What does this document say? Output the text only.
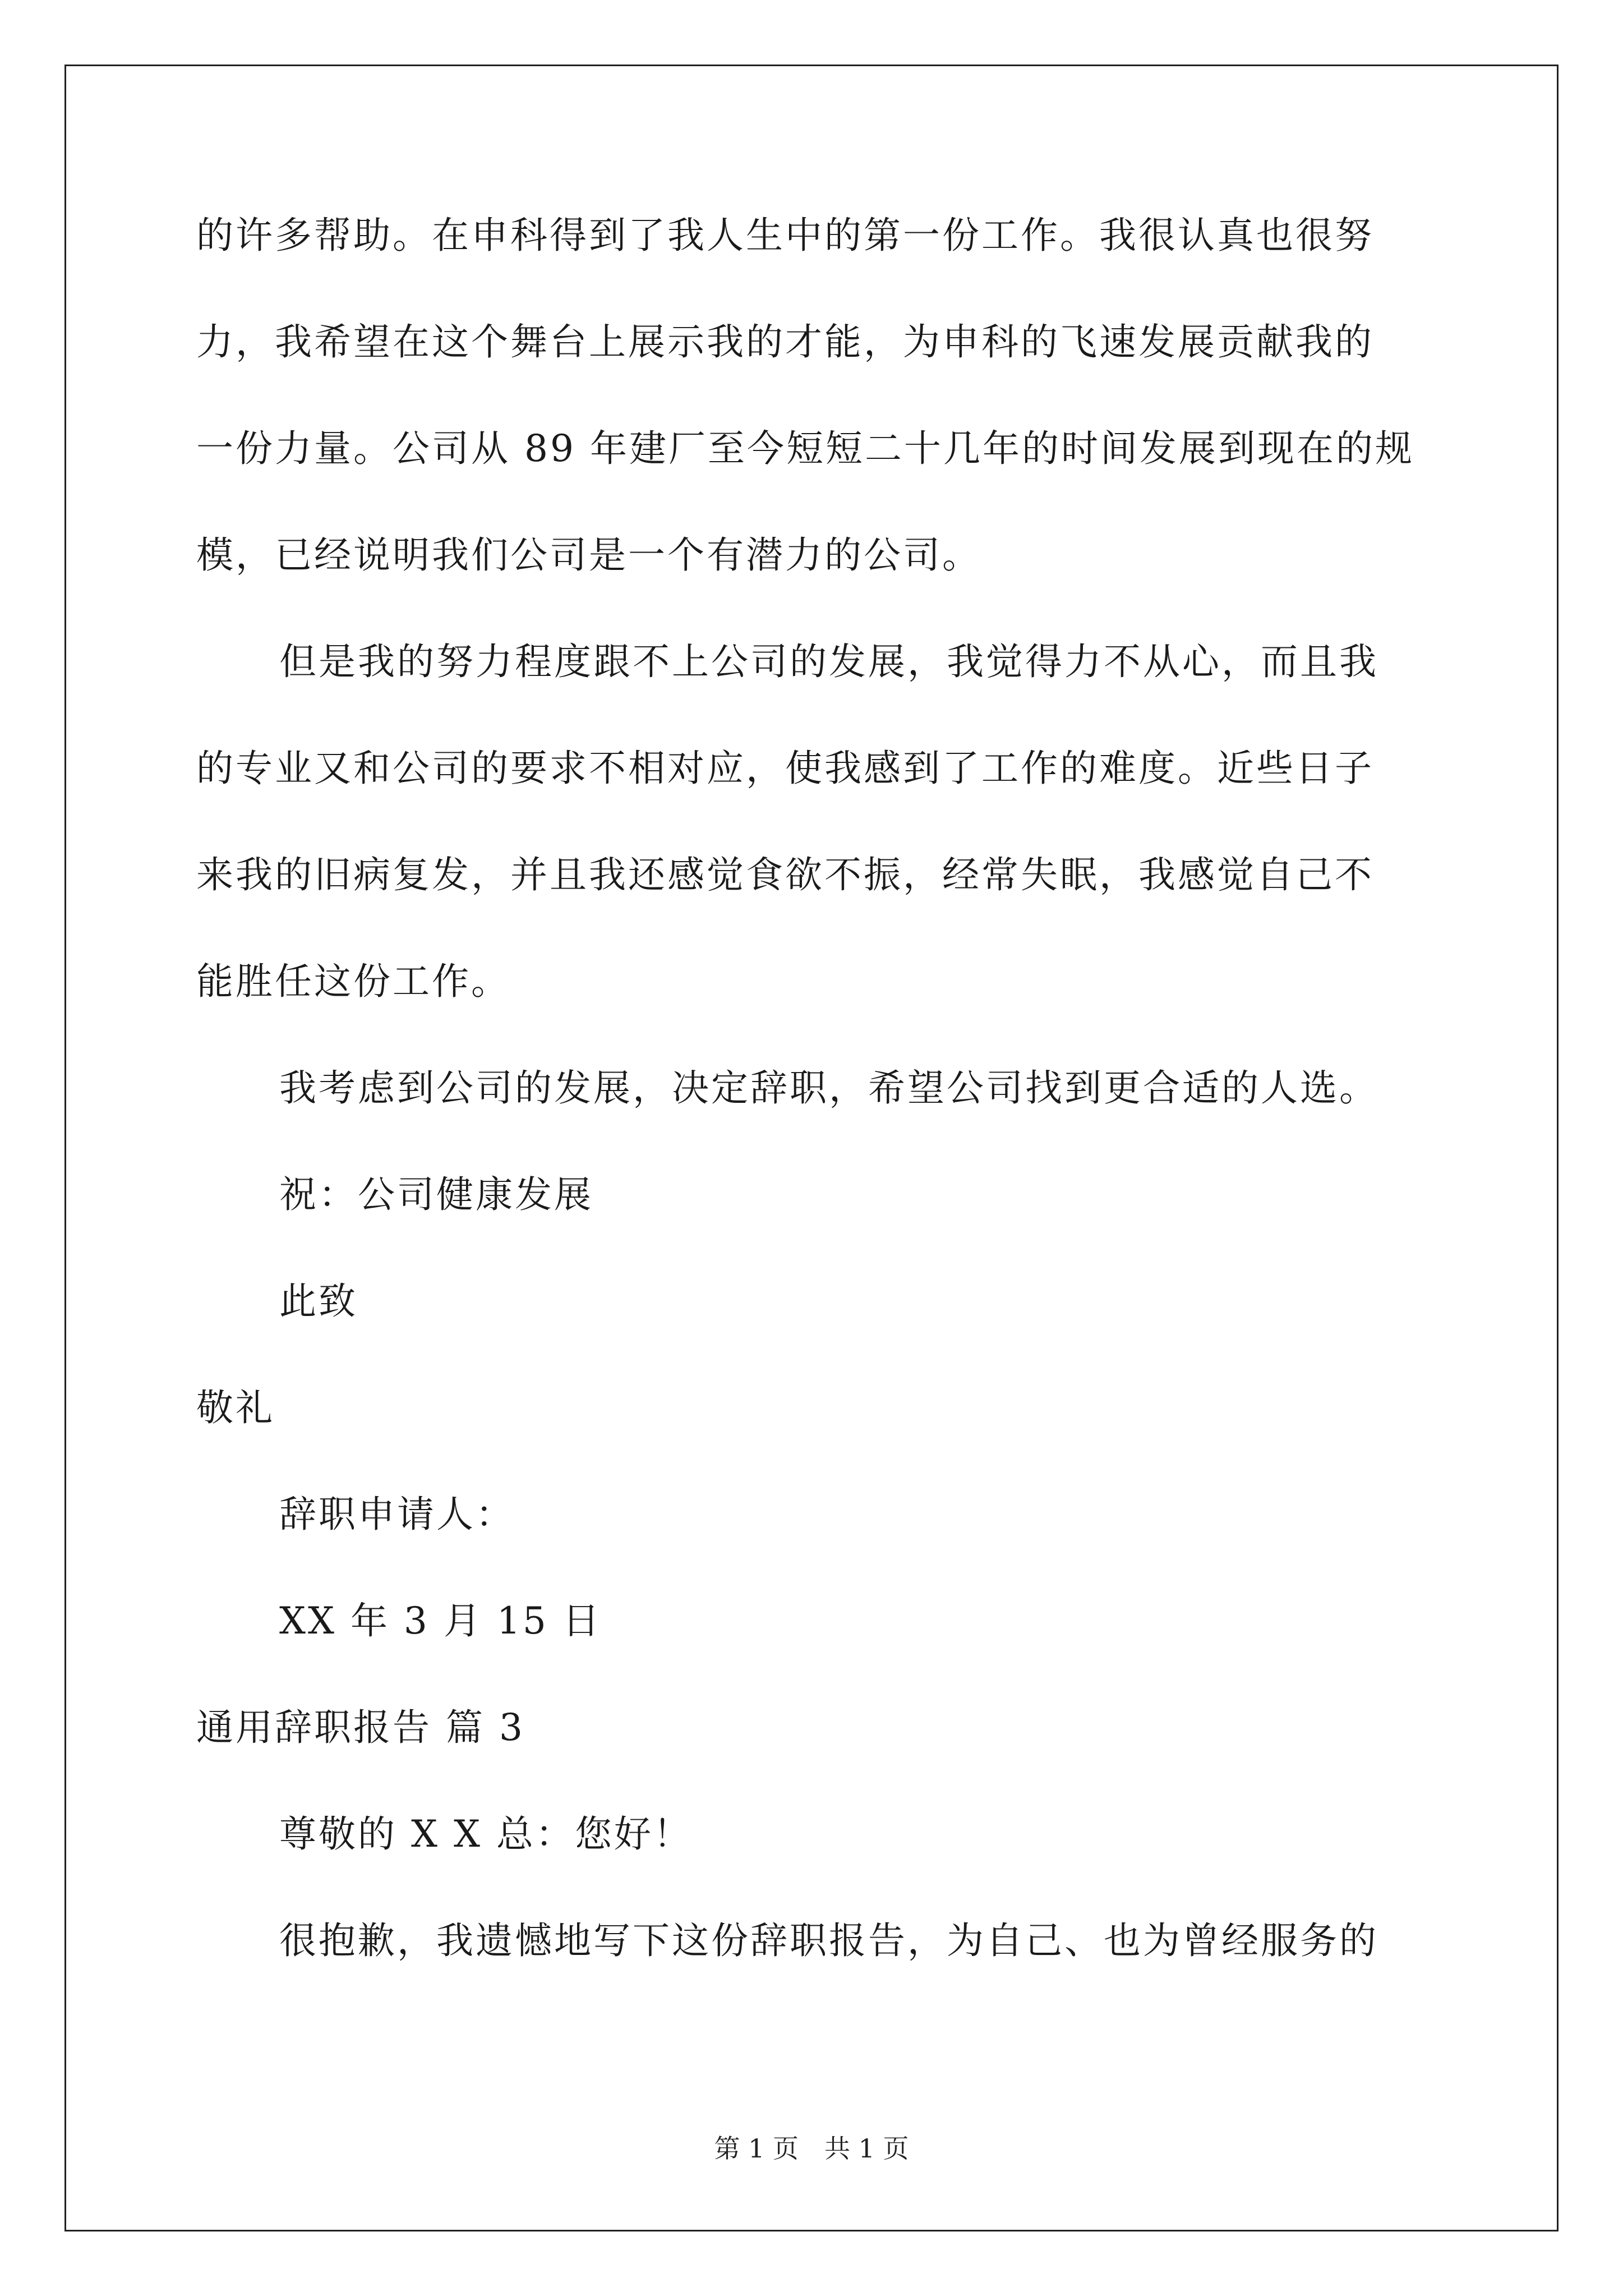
的许多帮助。在申科得到了我人生中的第一份工作。我很认真也很努
力，我希望在这个舞台上展示我的才能，为申科的飞速发展贡献我的
一份力量。公司从 89 年建厂至今短短二十几年的时间发展到现在的规
模，已经说明我们公司是一个有潜力的公司。
但是我的努力程度跟不上公司的发展，我觉得力不从心，而且我
的专业又和公司的要求不相对应，使我感到了工作的难度。近些日子
来我的旧病复发，并且我还感觉食欲不振，经常失眠，我感觉自己不
能胜任这份工作。
我考虑到公司的发展，决定辞职，希望公司找到更合适的人选。
祝：公司健康发展
此致
敬礼
辞职申请人：
XX 年 3 月 15 日
通用辞职报告 篇 3
尊敬的 X X 总：您好！
很抱歉，我遗憾地写下这份辞职报告，为自己、也为曾经服务的
第 1 页　共 1 页
